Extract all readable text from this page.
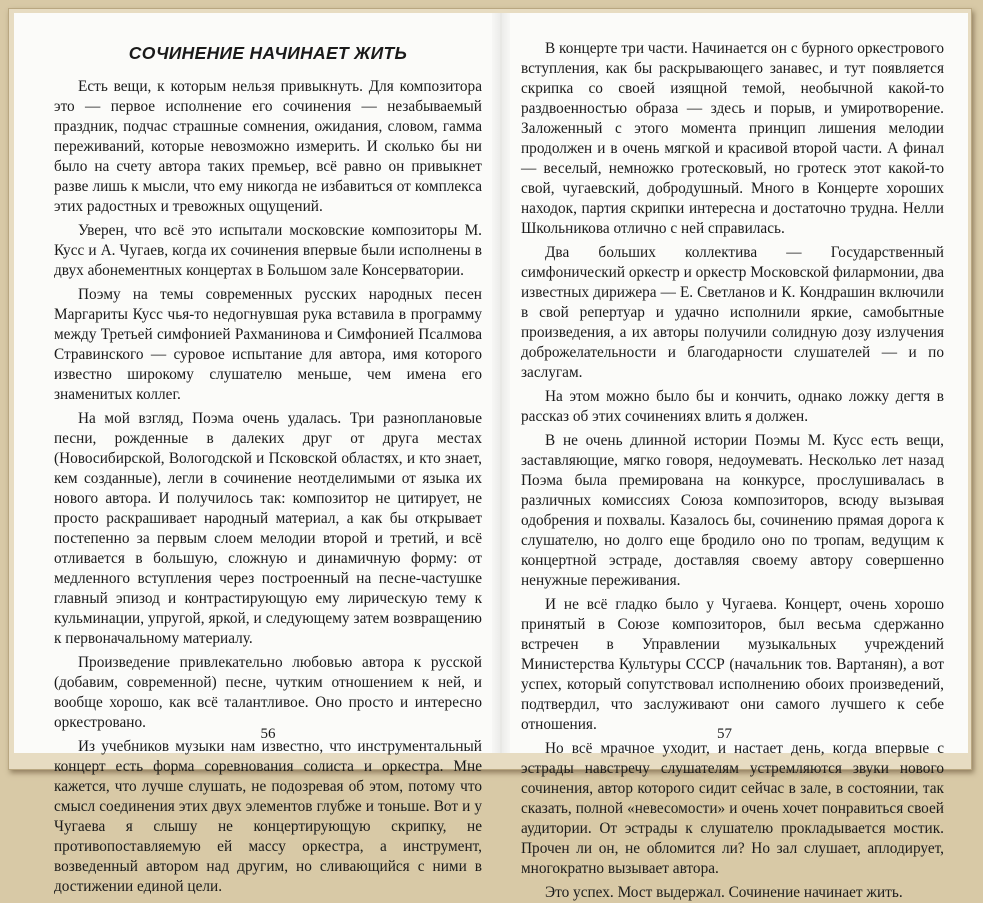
СОЧИНЕНИЕ НАЧИНАЕТ ЖИТЬ

Есть вещи, к которым нельзя привыкнуть. Для композитора это — первое исполнение его сочинения — незабываемый праздник, подчас страшные сомнения, ожидания, словом, гамма переживаний, которые невозможно измерить. И сколько бы ни было на счету автора таких премьер, всё равно он привыкнет разве лишь к мысли, что ему никогда не избавиться от комплекса этих радостных и тревожных ощущений.

Уверен, что всё это испытали московские композиторы М. Кусс и А. Чугаев, когда их сочинения впервые были исполнены в двух абонементных концертах в Большом зале Консерватории.

Поэму на темы современных русских народных песен Маргариты Кусс чья-то недогнувшая рука вставила в программу между Третьей симфонией Рахманинова и Симфонией Псалмова Стравинского — суровое испытание для автора, имя которого известно широкому слушателю меньше, чем имена его знаменитых коллег.

На мой взгляд, Поэма очень удалась. Три разноплановые песни, рожденные в далеких друг от друга местах (Новосибирской, Вологодской и Псковской областях, и кто знает, кем созданные), легли в сочинение неотделимыми от языка их нового автора. И получилось так: композитор не цитирует, не просто раскрашивает народный материал, а как бы открывает постепенно за первым слоем мелодии второй и третий, и всё отливается в большую, сложную и динамичную форму: от медленного вступления через построенный на песне-частушке главный эпизод и контрастирующую ему лирическую тему к кульминации, упругой, яркой, и следующему затем возвращению к первоначальному материалу.

Произведение привлекательно любовью автора к русской (добавим, современной) песне, чутким отношением к ней, и вообще хорошо, как всё талантливое. Оно просто и интересно оркестровано.

Из учебников музыки нам известно, что инструментальный концерт есть форма соревнования солиста и оркестра. Мне кажется, что лучше слушать, не подозревая об этом, потому что смысл соединения этих двух элементов глубже и тоньше. Вот и у Чугаева я слышу не концертирующую скрипку, не противопоставляемую ей массу оркестра, а инструмент, возведенный автором над другим, но сливающийся с ними в достижении единой цели.

56

В концерте три части. Начинается он с бурного оркестрового вступления, как бы раскрывающего занавес, и тут появляется скрипка со своей изящной темой, необычной какой-то раздвоенностью образа — здесь и порыв, и умиротворение. Заложенный с этого момента принцип лишения мелодии продолжен и в очень мягкой и красивой второй части. А финал — веселый, немножко гротесковый, но гротеск этот какой-то свой, чугаевский, добродушный. Много в Концерте хороших находок, партия скрипки интересна и достаточно трудна. Нелли Школьникова отлично с ней справилась.

Два больших коллектива — Государственный симфонический оркестр и оркестр Московской филармонии, два известных дирижера — Е. Светланов и К. Кондрашин включили в свой репертуар и удачно исполнили яркие, самобытные произведения, а их авторы получили солидную дозу излучения доброжелательности и благодарности слушателей — и по заслугам.

На этом можно было бы и кончить, однако ложку дегтя в рассказ об этих сочинениях влить я должен.

В не очень длинной истории Поэмы М. Кусс есть вещи, заставляющие, мягко говоря, недоумевать. Несколько лет назад Поэма была премирована на конкурсе, прослушивалась в различных комиссиях Союза композиторов, всюду вызывая одобрения и похвалы. Казалось бы, сочинению прямая дорога к слушателю, но долго еще бродило оно по тропам, ведущим к концертной эстраде, доставляя своему автору совершенно ненужные переживания.

И не всё гладко было у Чугаева. Концерт, очень хорошо принятый в Союзе композиторов, был весьма сдержанно встречен в Управлении музыкальных учреждений Министерства Культуры СССР (начальник тов. Вартанян), а вот успех, который сопутствовал исполнению обоих произведений, подтвердил, что заслуживают они самого лучшего к себе отношения.

Но всё мрачное уходит, и настает день, когда впервые с эстрады навстречу слушателям устремляются звуки нового сочинения, автор которого сидит сейчас в зале, в состоянии, так сказать, полной «невесомости» и очень хочет понравиться своей аудитории. От эстрады к слушателю прокладывается мостик. Прочен ли он, не обломится ли? Но зал слушает, аплодирует, многократно вызывает автора.

Это успех. Мост выдержал. Сочинение начинает жить.

57
